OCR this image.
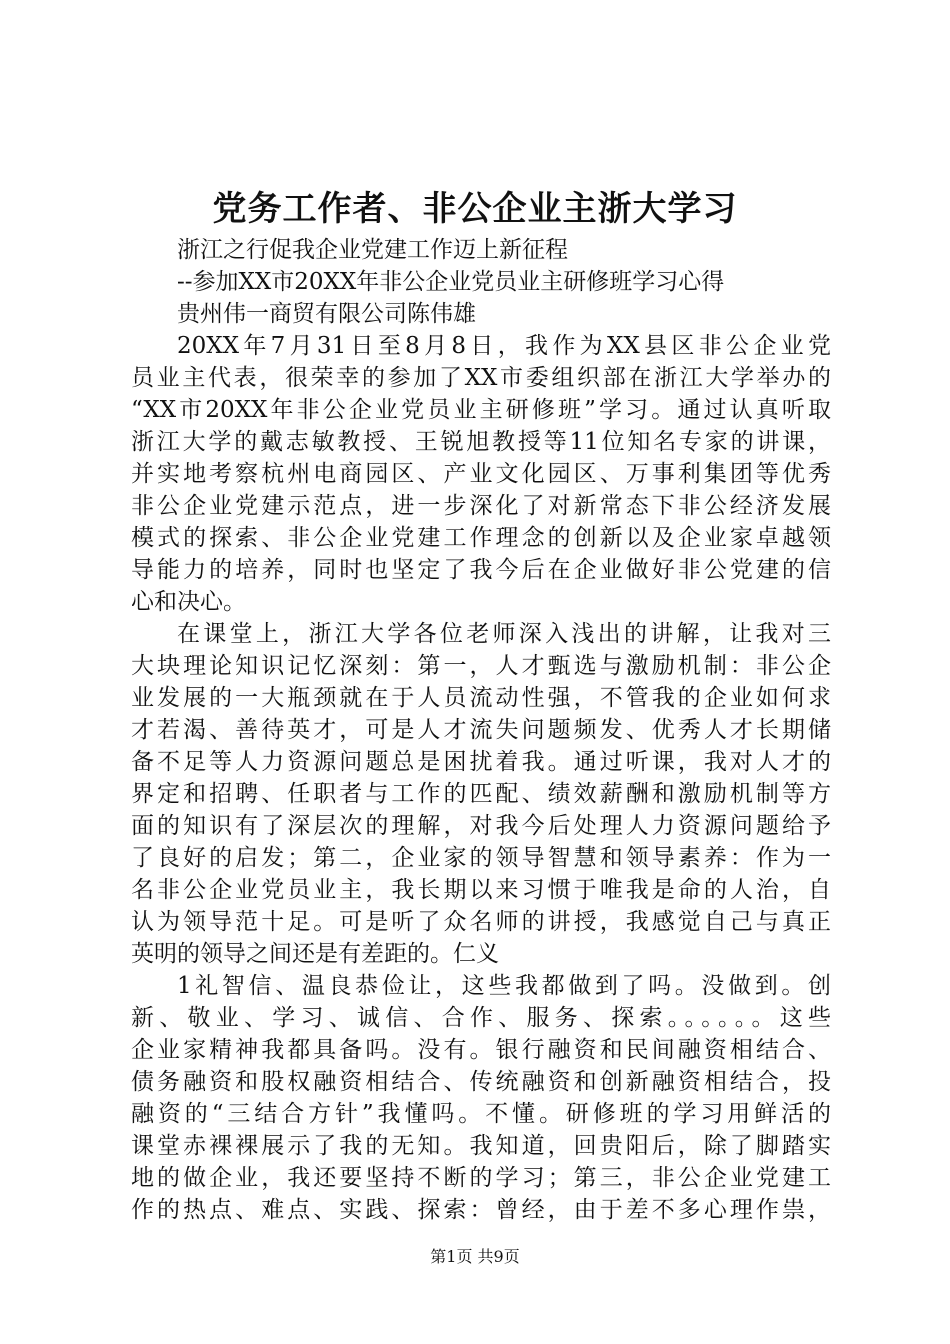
党务工作者、非公企业主浙大学习
浙江之行促我企业党建工作迈上新征程
--参加XX市20XX年非公企业党员业主研修班学习心得
贵州伟一商贸有限公司陈伟雄
20XX年7月31日至8月8日，我作为XX县区非公企业党
员业主代表，很荣幸的参加了XX市委组织部在浙江大学举办的
“XX市20XX年非公企业党员业主研修班”学习。通过认真听取
浙江大学的戴志敏教授、王锐旭教授等11位知名专家的讲课，
并实地考察杭州电商园区、产业文化园区、万事利集团等优秀
非公企业党建示范点，进一步深化了对新常态下非公经济发展
模式的探索、非公企业党建工作理念的创新以及企业家卓越领
导能力的培养，同时也坚定了我今后在企业做好非公党建的信
心和决心。
在课堂上，浙江大学各位老师深入浅出的讲解，让我对三
大块理论知识记忆深刻：第一，人才甄选与激励机制：非公企
业发展的一大瓶颈就在于人员流动性强，不管我的企业如何求
才若渴、善待英才，可是人才流失问题频发、优秀人才长期储
备不足等人力资源问题总是困扰着我。通过听课，我对人才的
界定和招聘、任职者与工作的匹配、绩效薪酬和激励机制等方
面的知识有了深层次的理解，对我今后处理人力资源问题给予
了良好的启发；第二，企业家的领导智慧和领导素养：作为一
名非公企业党员业主，我长期以来习惯于唯我是命的人治，自
认为领导范十足。可是听了众名师的讲授，我感觉自己与真正
英明的领导之间还是有差距的。仁义
1礼智信、温良恭俭让，这些我都做到了吗。没做到。创
新、敬业、学习、诚信、合作、服务、探索。。。。。。这些
企业家精神我都具备吗。没有。银行融资和民间融资相结合、
债务融资和股权融资相结合、传统融资和创新融资相结合，投
融资的“三结合方针”我懂吗。不懂。研修班的学习用鲜活的
课堂赤裸裸展示了我的无知。我知道，回贵阳后，除了脚踏实
地的做企业，我还要坚持不断的学习；第三，非公企业党建工
作的热点、难点、实践、探索：曾经，由于差不多心理作祟，
第1页 共9页
